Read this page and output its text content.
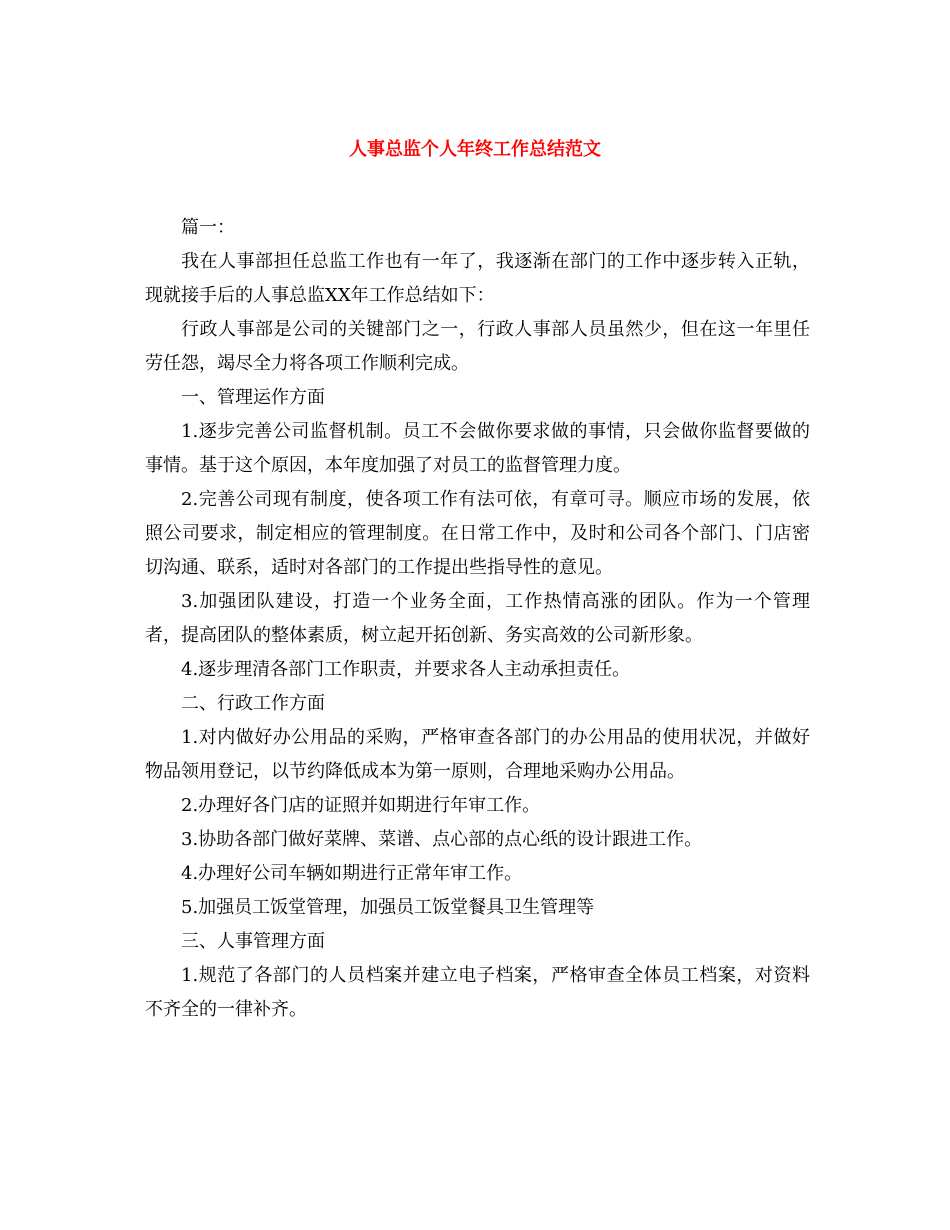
人事总监个人年终工作总结范文

篇一：

我在人事部担任总监工作也有一年了，我逐渐在部门的工作中逐步转入正轨，现就接手后的人事总监XX年工作总结如下：

行政人事部是公司的关键部门之一，行政人事部人员虽然少，但在这一年里任劳任怨，竭尽全力将各项工作顺利完成。

一、管理运作方面

1.逐步完善公司监督机制。员工不会做你要求做的事情，只会做你监督要做的事情。基于这个原因，本年度加强了对员工的监督管理力度。

2.完善公司现有制度，使各项工作有法可依，有章可寻。顺应市场的发展，依照公司要求，制定相应的管理制度。在日常工作中，及时和公司各个部门、门店密切沟通、联系，适时对各部门的工作提出些指导性的意见。

3.加强团队建设，打造一个业务全面，工作热情高涨的团队。作为一个管理者，提高团队的整体素质，树立起开拓创新、务实高效的公司新形象。

4.逐步理清各部门工作职责，并要求各人主动承担责任。

二、行政工作方面

1.对内做好办公用品的采购，严格审查各部门的办公用品的使用状况，并做好物品领用登记，以节约降低成本为第一原则，合理地采购办公用品。

2.办理好各门店的证照并如期进行年审工作。

3.协助各部门做好菜牌、菜谱、点心部的点心纸的设计跟进工作。

4.办理好公司车辆如期进行正常年审工作。

5.加强员工饭堂管理，加强员工饭堂餐具卫生管理等

三、人事管理方面

1.规范了各部门的人员档案并建立电子档案，严格审查全体员工档案，对资料不齐全的一律补齐。
